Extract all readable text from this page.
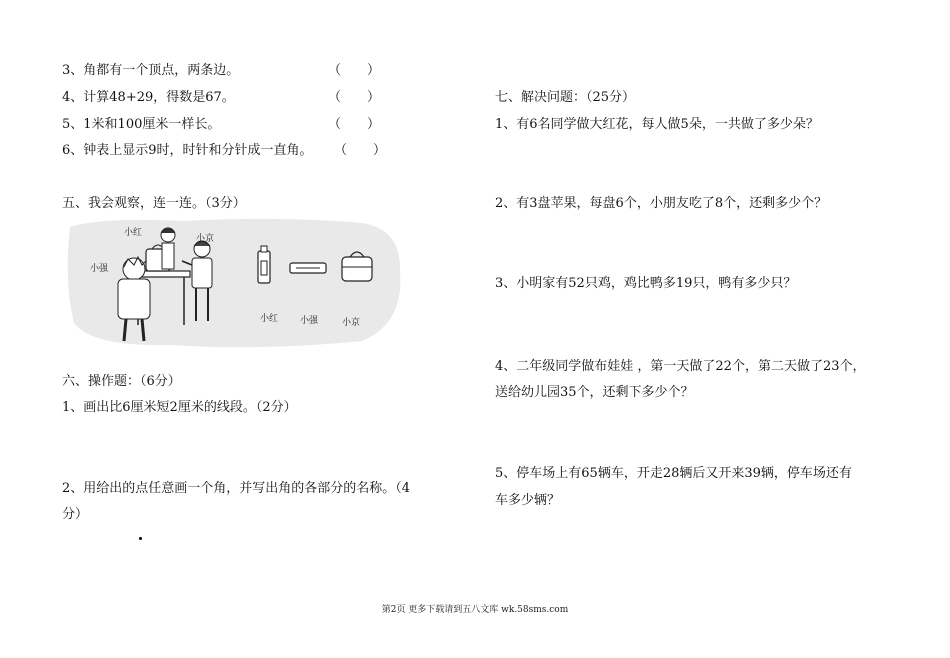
3、角都有一个顶点，两条边。	（　　）
4、计算48+29，得数是67。	（　　）
5、1米和100厘米一样长。	（　　）
6、钟表上显示9时，时针和分针成一直角。 （　　）
五、我会观察，连一连。（3分）
小红
小京
小强
小红 小强	小京
六、操作题：（6分）
1、画出比6厘米短2厘米的线段。（2分）
2、用给出的点任意画一个角，并写出角的各部分的名称。（4
分）
七、解决问题：（25分）
1、有6名同学做大红花，每人做5朵，一共做了多少朵？
2、有3盘苹果，每盘6个，小朋友吃了8个，还剩多少个？
3、小明家有52只鸡，鸡比鸭多19只，鸭有多少只？
4、二年级同学做布娃娃 ，第一天做了22个，第二天做了23个，
送给幼儿园35个，还剩下多少个？
5、停车场上有65辆车，开走28辆后又开来39辆，停车场还有
车多少辆？
第2页 更多下载请到五八文库 wk.58sms.com
